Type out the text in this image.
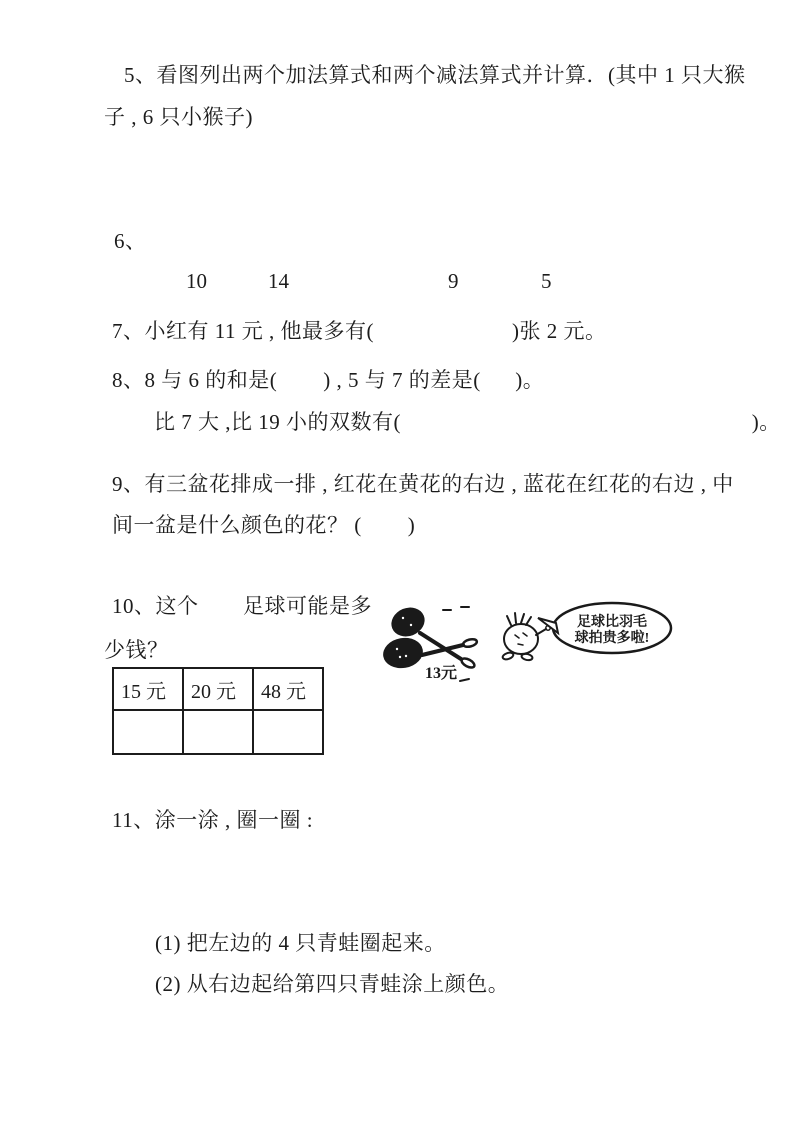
5、看图列出两个加法算式和两个减法算式并计算．(其中 1 只大猴
子 , 6 只小猴子)
6、
10	14	9	5
7、小红有 11 元 , 他最多有(                        )张 2 元。
8、8 与 6 的和是(        ) , 5 与 7 的差是(      )。
比 7 大 ,比 19 小的双数有(                                                             )。
9、有三盆花排成一排 , 红花在黄花的右边 , 蓝花在红花的右边 , 中
间一盆是什么颜色的花？ (        )
10、这个 足球可能是多
少钱？
15 元	20 元	48 元

13元
足球比羽毛
球拍贵多啦!
11、涂一涂 , 圈一圈 :
(1) 把左边的 4 只青蛙圈起来。
(2) 从右边起给第四只青蛙涂上颜色。
